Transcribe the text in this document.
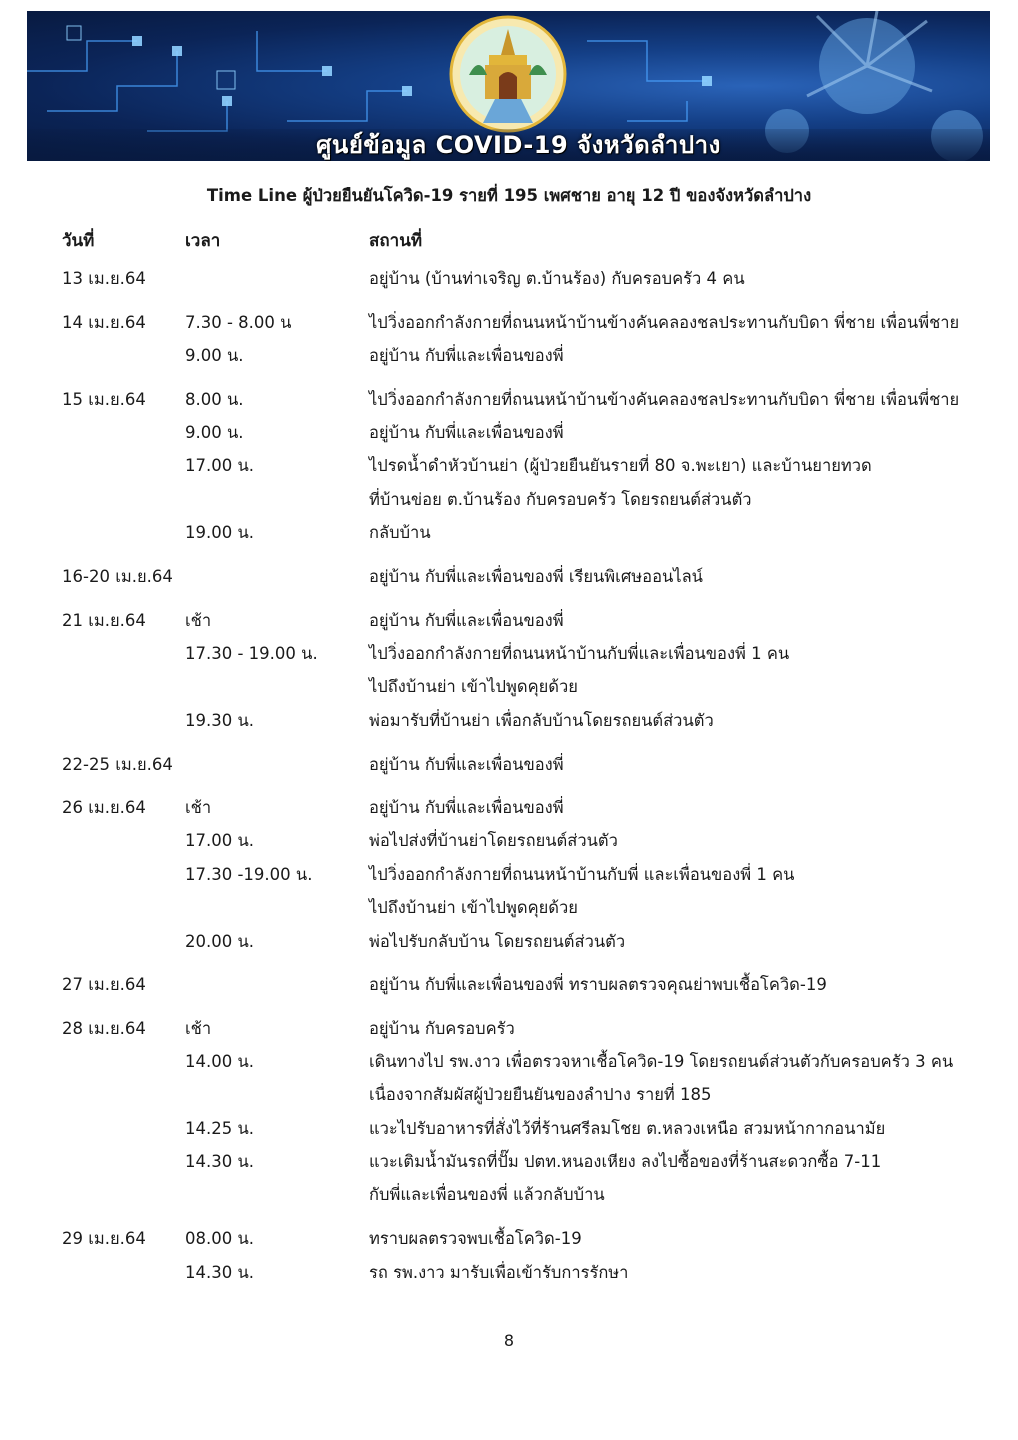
ศูนย์ข้อมูล COVID-19 จังหวัดลำปาง
Time Line ผู้ป่วยยืนยันโควิด-19 รายที่ 195 เพศชาย อายุ 12 ปี ของจังหวัดลำปาง
วันที่	เวลา	สถานที่
13 เม.ย.64	อยู่บ้าน (บ้านท่าเจริญ ต.บ้านร้อง) กับครอบครัว 4 คน
14 เม.ย.64 7.30 - 8.00 น	ไปวิ่งออกกำลังกายที่ถนนหน้าบ้านข้างคันคลองชลประทานกับบิดา พี่ชาย เพื่อนพี่ชาย
9.00 น.	อยู่บ้าน กับพี่และเพื่อนของพี่
15 เม.ย.64 8.00 น.	ไปวิ่งออกกำลังกายที่ถนนหน้าบ้านข้างคันคลองชลประทานกับบิดา พี่ชาย เพื่อนพี่ชาย
9.00 น.	อยู่บ้าน กับพี่และเพื่อนของพี่
17.00 น.	ไปรดน้ำดำหัวบ้านย่า (ผู้ป่วยยืนยันรายที่ 80 จ.พะเยา) และบ้านยายทวด
ที่บ้านข่อย ต.บ้านร้อง กับครอบครัว โดยรถยนต์ส่วนตัว
19.00 น.	กลับบ้าน
16-20 เม.ย.64	อยู่บ้าน กับพี่และเพื่อนของพี่ เรียนพิเศษออนไลน์
21 เม.ย.64 เช้า	อยู่บ้าน กับพี่และเพื่อนของพี่
17.30 - 19.00 น.	ไปวิ่งออกกำลังกายที่ถนนหน้าบ้านกับพี่และเพื่อนของพี่ 1 คน
ไปถึงบ้านย่า เข้าไปพูดคุยด้วย
19.30 น.	พ่อมารับที่บ้านย่า เพื่อกลับบ้านโดยรถยนต์ส่วนตัว
22-25 เม.ย.64	อยู่บ้าน กับพี่และเพื่อนของพี่
26 เม.ย.64 เช้า	อยู่บ้าน กับพี่และเพื่อนของพี่
17.00 น.	พ่อไปส่งที่บ้านย่าโดยรถยนต์ส่วนตัว
17.30 -19.00 น.	ไปวิ่งออกกำลังกายที่ถนนหน้าบ้านกับพี่ และเพื่อนของพี่ 1 คน
ไปถึงบ้านย่า เข้าไปพูดคุยด้วย
20.00 น.	พ่อไปรับกลับบ้าน โดยรถยนต์ส่วนตัว
27 เม.ย.64	อยู่บ้าน กับพี่และเพื่อนของพี่ ทราบผลตรวจคุณย่าพบเชื้อโควิด-19
28 เม.ย.64 เช้า	อยู่บ้าน กับครอบครัว
14.00 น.	เดินทางไป รพ.งาว เพื่อตรวจหาเชื้อโควิด-19 โดยรถยนต์ส่วนตัวกับครอบครัว 3 คน
เนื่องจากสัมผัสผู้ป่วยยืนยันของลำปาง รายที่ 185
14.25 น.	แวะไปรับอาหารที่สั่งไว้ที่ร้านศรีลมโชย ต.หลวงเหนือ สวมหน้ากากอนามัย
14.30 น.	แวะเติมน้ำมันรถที่ปั๊ม ปตท.หนองเหียง ลงไปซื้อของที่ร้านสะดวกซื้อ 7-11
กับพี่และเพื่อนของพี่ แล้วกลับบ้าน
29 เม.ย.64 08.00 น.	ทราบผลตรวจพบเชื้อโควิด-19
14.30 น.	รถ รพ.งาว มารับเพื่อเข้ารับการรักษา
8
